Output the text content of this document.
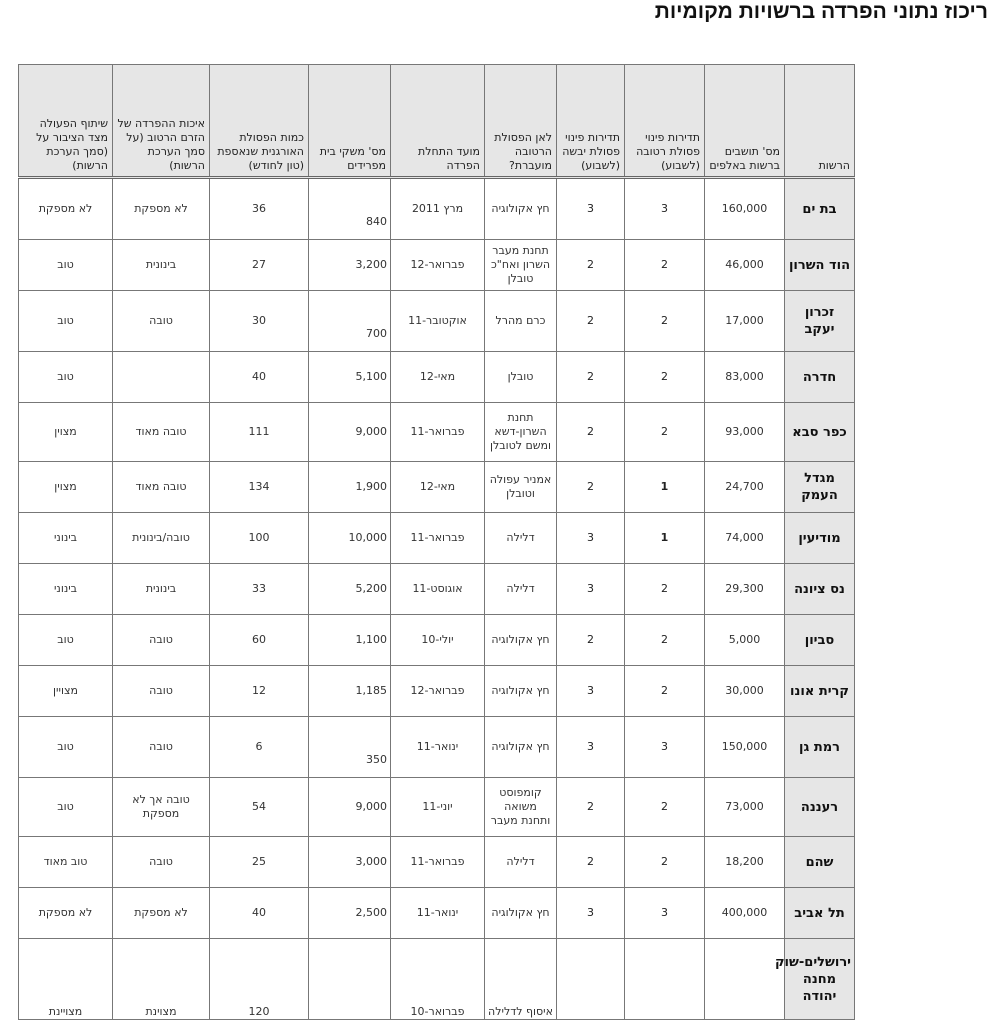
ריכוז נתוני הפרדה ברשויות מקומיות
הרשות	מס' תושבים ברשות באלפים	תדירות פינוי פסולת רטובה (לשבוע)	תדירות פינוי פסולת יבשה (לשבוע)	לאן הפסולת הרטובה מועברת?	מועד התחלת הפרדה	מס' משקי בית מפרידים	כמות הפסולת האורגנית שנאספת (טון לחודש)	איכות ההפרדה של הזרם הרטוב (על סמך הערכת הרשות)	שיתוף הפעולה מצד הציבור על (סמך הערכת הרשות)
בת ים	160,000	3	3	חץ אקולוגיה	מרץ 2011	840	36	לא מספקת	לא מספקת
הוד השרון	46,000	2	2	תחנת מעבר השרון ואח"כ טובלן	פברואר-12	3,200	27	בינונית	טוב
זכרון יעקב	17,000	2	2	כרם מהרל	אוקטובר-11	700	30	טובה	טוב
חדרה	83,000	2	2	טובלן	מאי-12	5,100	40		טוב
כפר סבא	93,000	2	2	תחנת השרון-דשא ומשם לטובלן	פברואר-11	9,000	111	טובה מאוד	מצוין
מגדל העמק	24,700	1	2	אמניר עפולה וטובלן	מאי-12	1,900	134	טובה מאוד	מצוין
מודיעין	74,000	1	3	דלילה	פברואר-11	10,000	100	טובה/בינונית	בינוני
נס ציונה	29,300	2	3	דלילה	אוגוסט-11	5,200	33	בינונית	בינוני
סביון	5,000	2	2	חץ אקולוגיה	יולי-10	1,100	60	טובה	טוב
קרית אונו	30,000	2	3	חץ אקולוגיה	פברואר-12	1,185	12	טובה	מצויין
רמת גן	150,000	3	3	חץ אקולוגיה	ינואר-11	350	6	טובה	טוב
רעננה	73,000	2	2	קומפוסט משואה ותחנת מעבר	יוני-11	9,000	54	טובה אך לא מספקת	טוב
שהם	18,200	2	2	דלילה	פברואר-11	3,000	25	טובה	טוב מאוד
תל אביב	400,000	3	3	חץ אקולוגיה	ינואר-11	2,500	40	לא מספקת	לא מספקת
ירושלים-שוק מחנה יהודה				איסוף לדלילה	פברואר-10		120	מצוינת	מצויינת
